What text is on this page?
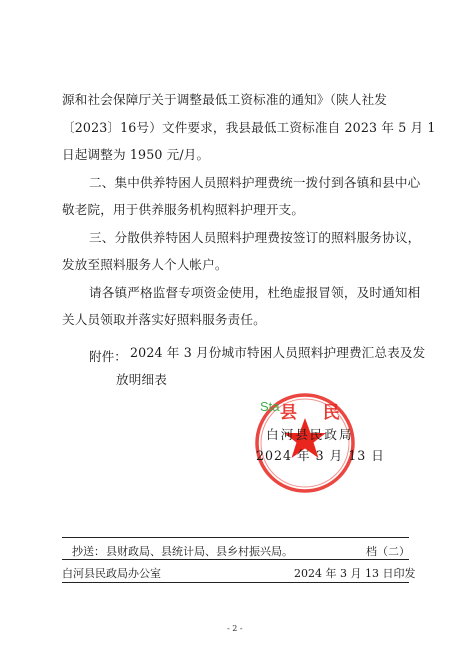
源和社会保障厅关于调整最低工资标准的通知》（陕人社发
〔2023〕16号）文件要求，我县最低工资标准自 2023 年 5 月 1
日起调整为 1950 元/月。
二、集中供养特困人员照料护理费统一拨付到各镇和县中心
敬老院，用于供养服务机构照料护理开支。
三、分散供养特困人员照料护理费按签订的照料服务协议，
发放至照料服务人个人帐户。
请各镇严格监督专项资金使用，杜绝虚报冒领，及时通知相
关人员领取并落实好照料服务责任。
附件： 2024 年 3 月份城市特困人员照料护理费汇总表及发
放明细表
县 民
Sta
白河县民政局
2024 年 3 月 13 日
抄送： 县财政局、县统计局、县乡村振兴局。	档（二）
白河县民政局办公室	2024 年 3 月 13 日印发
- 2 -
